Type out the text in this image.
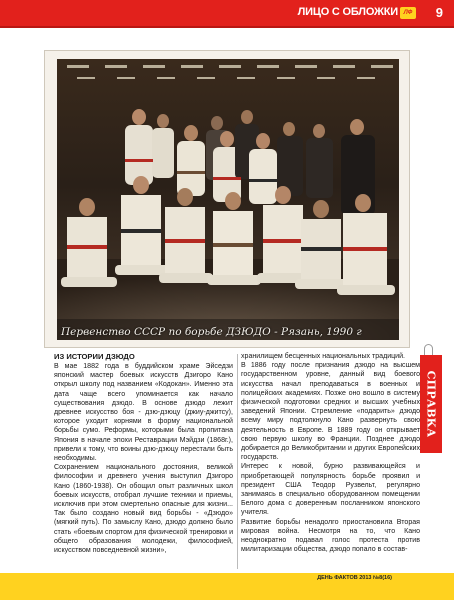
ЛИЦО С ОБЛОЖКИ ЛФ 9
Первенство СССР по борьбе ДЗЮДО - Рязань, 1990 г
СПРАВКА
ИЗ ИСТОРИИ ДЗЮДО

В мае 1882 года в буддийском храме Эйседзи японский мастер боевых искусств Дзигоро Кано открыл школу под названием «Кодокан». Именно эта дата чаще всего упоминается как начало существования дзюдо. В основе дзюдо лежит древнее искусство боя - дзю-дзюцу (джиу-джитсу), которое уходит корнями в форму национальной борьбы сумо. Реформы, которыми была пропитана Япония в начале эпохи Реставрации Мэйдзи (1868г.), привели к тому, что воины дзю-дзюцу перестали быть необходимы.

Сохранением национального достояния, великой философии и древнего учения выступил Дзигоро Кано (1860-1938). Он обощил опыт различных школ боевых искусств, отобрал лучшие техники и приемы, исключив при этом смертельно опасные для жизни... Так было создано новый вид борьбы - «Дзюдо» (мягкий путь). По замыслу Кано, дзюдо должно было стать «боевым спортом для физической тренировки и общего образования молодежи, философией, искусством повседневной жизни»,

хранилищем бесценных национальных традиций.

В 1886 году после признания дзюдо на высшем государственном уровне, данный вид боевого искусства начал преподаваться в военных и полицейских академиях. Позже оно вошло в систему физической подготовки средних и высших учебных заведений Японии. Стремление «подарить» дзюдо всему миру подтолкнуло Кано развернуть свою деятельность в Европе. В 1889 году он открывает свою первую школу во Франции. Позднее дзюдо добирается до Великобритании и других Европейских государств.

Интерес к новой, бурно развивающейся и приобретающей популярность борьбе проявил и президент США Теодор Рузвельт, регулярно занимаясь в специально оборудованном помещении Белого дома с доверенным посланником японского учителя.

Развитие борьбы ненадолго приостановила Вторая мировая война. Несмотря на то, что Кано неоднократно подавал голос протеста против милитаризации общества, дзюдо попало в состав-

ДЕНЬ ФАКТОВ 2013 №8(16)
